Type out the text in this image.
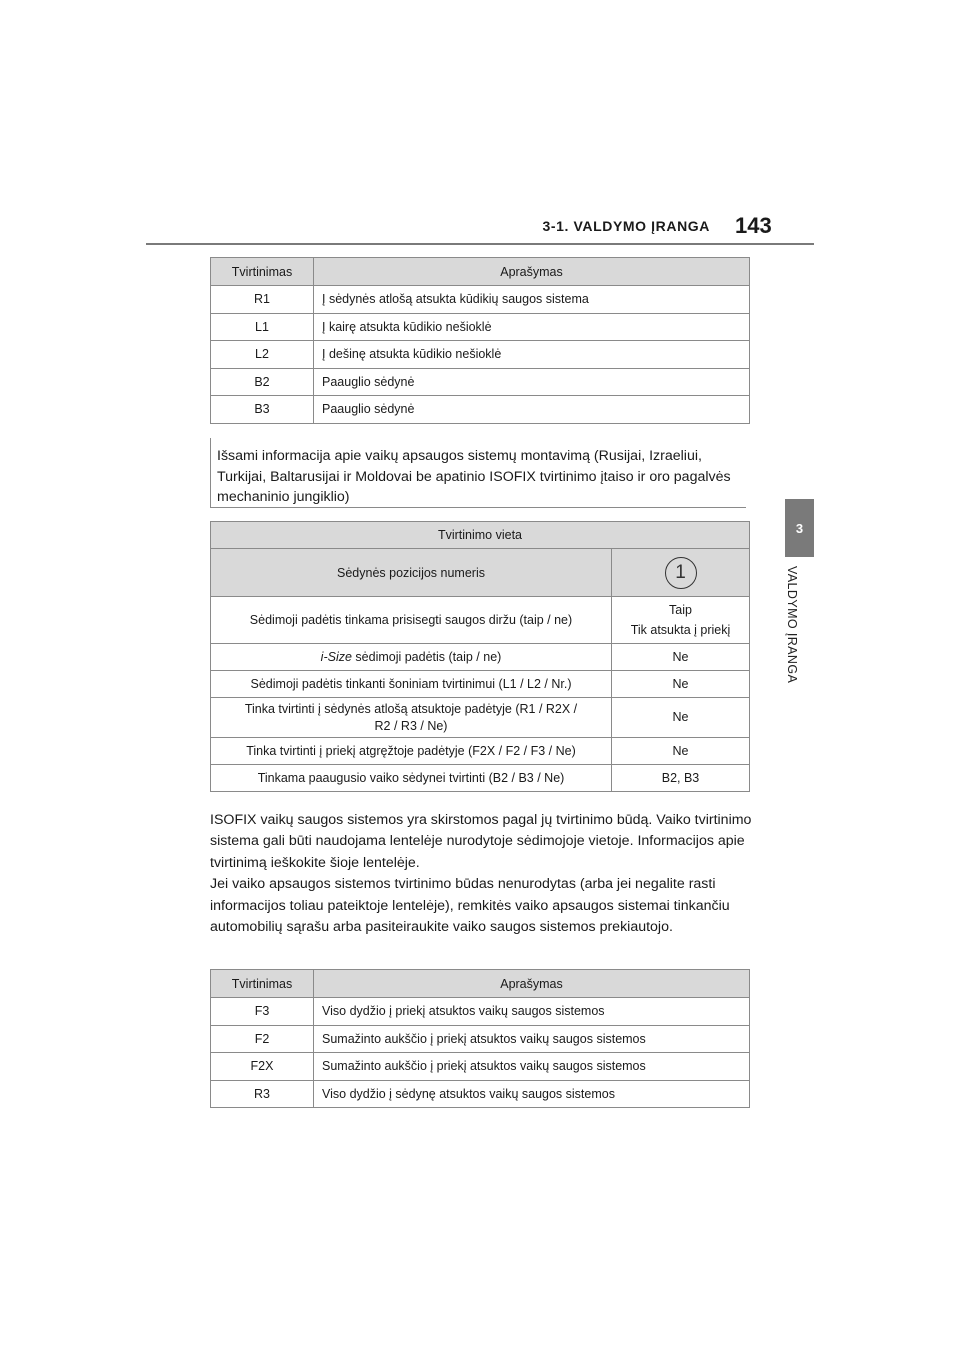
3-1. VALDYMO ĮRANGA 143
3
VALDYMO ĮRANGA
Tvirtinimas	Aprašymas
R1	Į sėdynės atlošą atsukta kūdikių saugos sistema
L1	Į kairę atsukta kūdikio nešioklė
L2	Į dešinę atsukta kūdikio nešioklė
B2	Paauglio sėdynė
B3	Paauglio sėdynė
Išsami informacija apie vaikų apsaugos sistemų montavimą (Rusijai, Izraeliui, Turkijai, Baltarusijai ir Moldovai be apatinio ISOFIX tvirtinimo įtaiso ir oro pagalvės mechaninio jungiklio)
Tvirtinimo vieta	
Sėdynės pozicijos numeris	1
Sėdimoji padėtis tinkama prisisegti saugos diržu (taip / ne)	Taip
Tik atsukta į priekį

i-Size sėdimoji padėtis (taip / ne)	Ne
Sėdimoji padėtis tinkanti šoniniam tvirtinimui (L1 / L2 / Nr.)	Ne

Tinka tvirtinti į sėdynės atlošą atsuktoje padėtyje (R1 / R2X /
R2 / R3 / Ne)	Ne
Tinka tvirtinti į priekį atgręžtoje padėtyje (F2X / F2 / F3 / Ne)	Ne
Tinkama paaugusio vaiko sėdynei tvirtinti (B2 / B3 / Ne)	B2, B3

ISOFIX vaikų saugos sistemos yra skirstomos pagal jų tvirtinimo būdą. Vaiko tvirtinimo sistema gali būti naudojama lentelėje nurodytoje sėdimojoje vietoje. Informacijos apie tvirtinimą ieškokite šioje lentelėje.

Jei vaiko apsaugos sistemos tvirtinimo būdas nenurodytas (arba jei negalite rasti informacijos toliau pateiktoje lentelėje), remkitės vaiko apsaugos sistemai tinkančiu automobilių sąrašu arba pasiteiraukite vaiko saugos sistemos prekiautojo.

Tvirtinimas	Aprašymas
F3	Viso dydžio į priekį atsuktos vaikų saugos sistemos
F2	Sumažinto aukščio į priekį atsuktos vaikų saugos sistemos
F2X	Sumažinto aukščio į priekį atsuktos vaikų saugos sistemos
R3	Viso dydžio į sėdynę atsuktos vaikų saugos sistemos
